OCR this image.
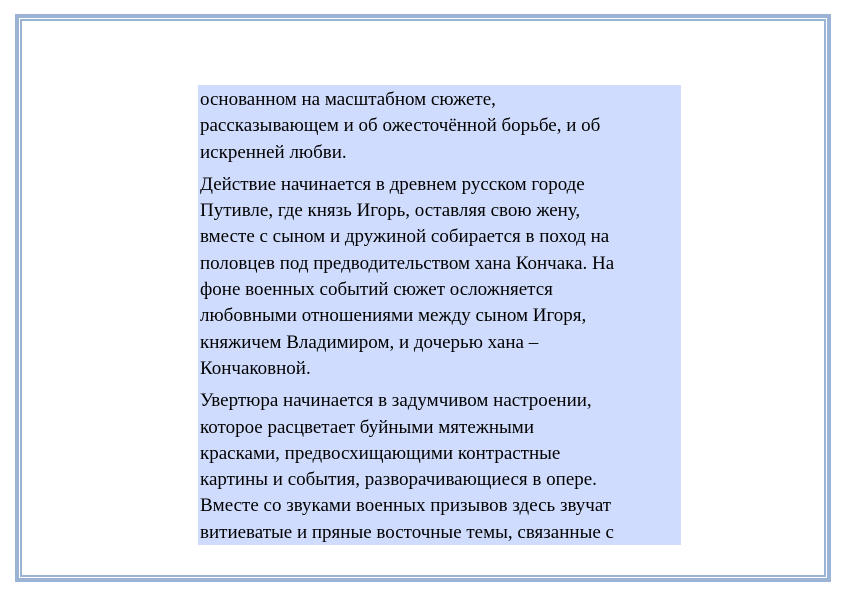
основанном на масштабном сюжете,
рассказывающем и об ожесточённой борьбе, и об
искренней любви.

Действие начинается в древнем русском городе
Путивле, где князь Игорь, оставляя свою жену,
вместе с сыном и дружиной собирается в поход на
половцев под предводительством хана Кончака. На
фоне военных событий сюжет осложняется
любовными отношениями между сыном Игоря,
княжичем Владимиром, и дочерью хана –
Кончаковной.

Увертюра начинается в задумчивом настроении,
которое расцветает буйными мятежными
красками, предвосхищающими контрастные
картины и события, разворачивающиеся в опере.
Вместе со звуками военных призывов здесь звучат
витиеватые и пряные восточные темы, связанные с
